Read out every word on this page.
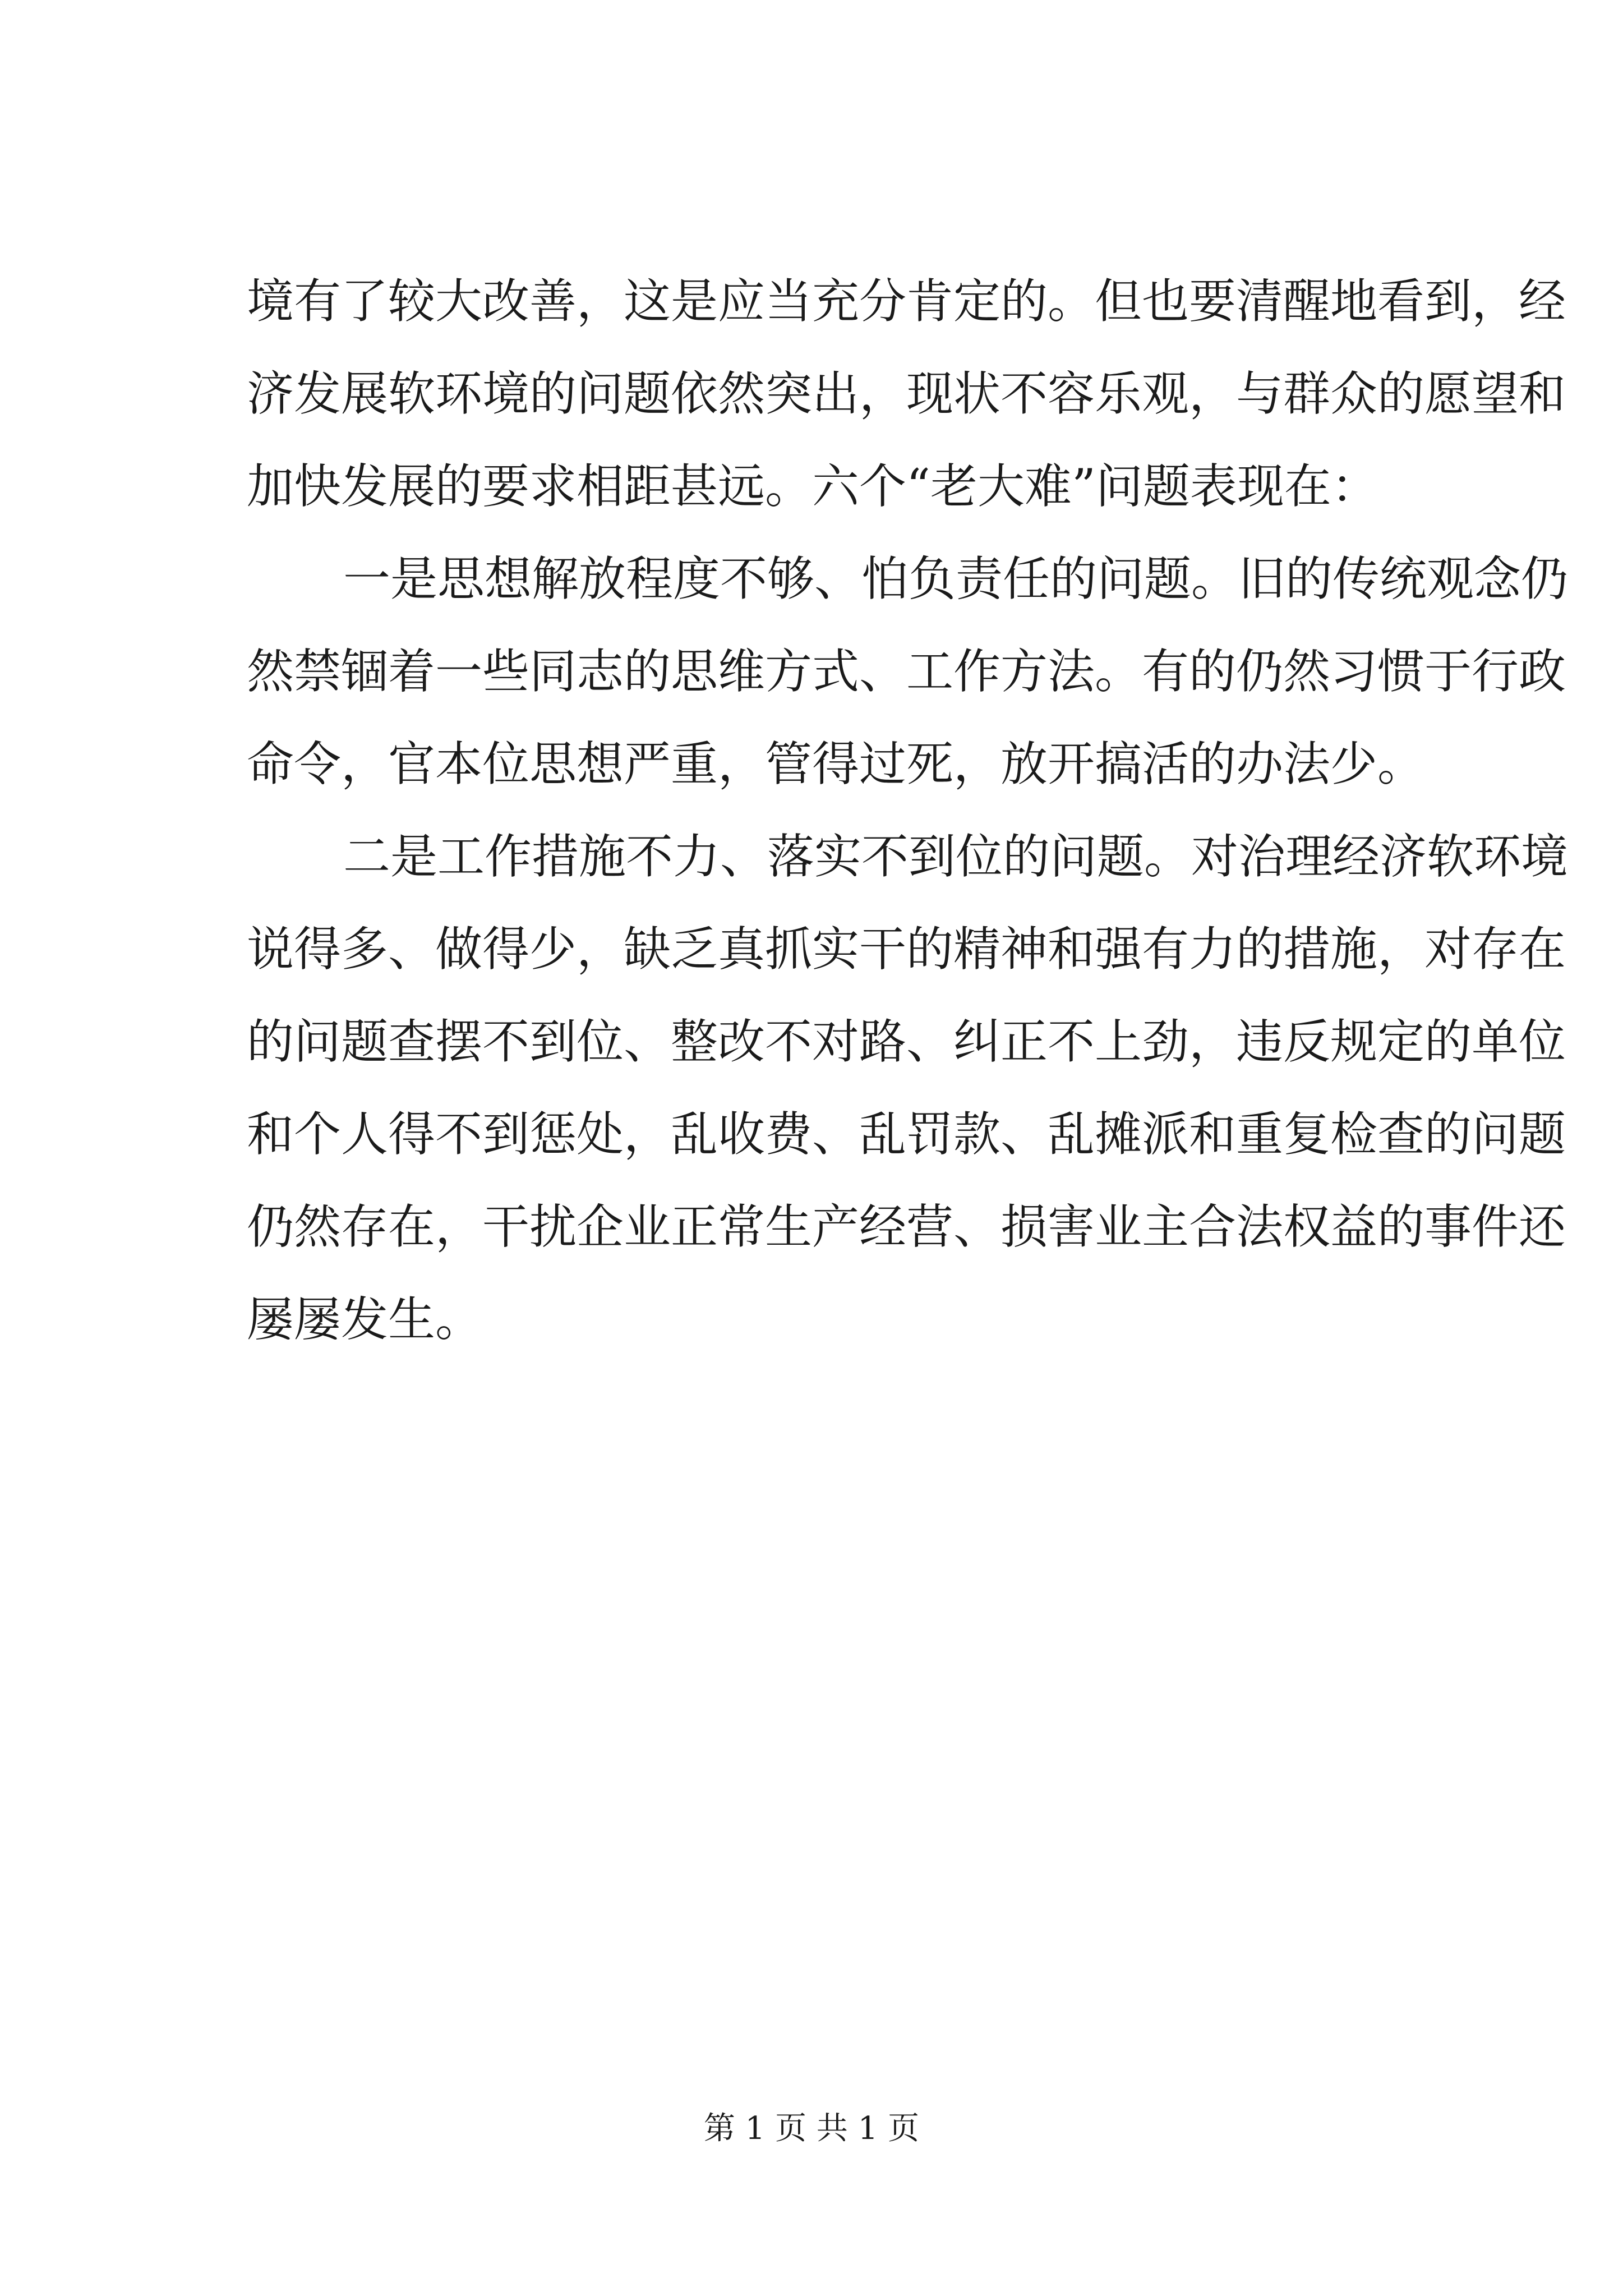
境有了较大改善，这是应当充分肯定的。但也要清醒地看到，经
济发展软环境的问题依然突出，现状不容乐观，与群众的愿望和
加快发展的要求相距甚远。六个“老大难”问题表现在：
一是思想解放程度不够、怕负责任的问题。旧的传统观念仍
然禁锢着一些同志的思维方式、工作方法。有的仍然习惯于行政
命令，官本位思想严重，管得过死，放开搞活的办法少。
二是工作措施不力、落实不到位的问题。对治理经济软环境
说得多、做得少，缺乏真抓实干的精神和强有力的措施，对存在
的问题查摆不到位、整改不对路、纠正不上劲，违反规定的单位
和个人得不到惩处，乱收费、乱罚款、乱摊派和重复检查的问题
仍然存在，干扰企业正常生产经营、损害业主合法权益的事件还
屡屡发生。
第 1 页 共 1 页
